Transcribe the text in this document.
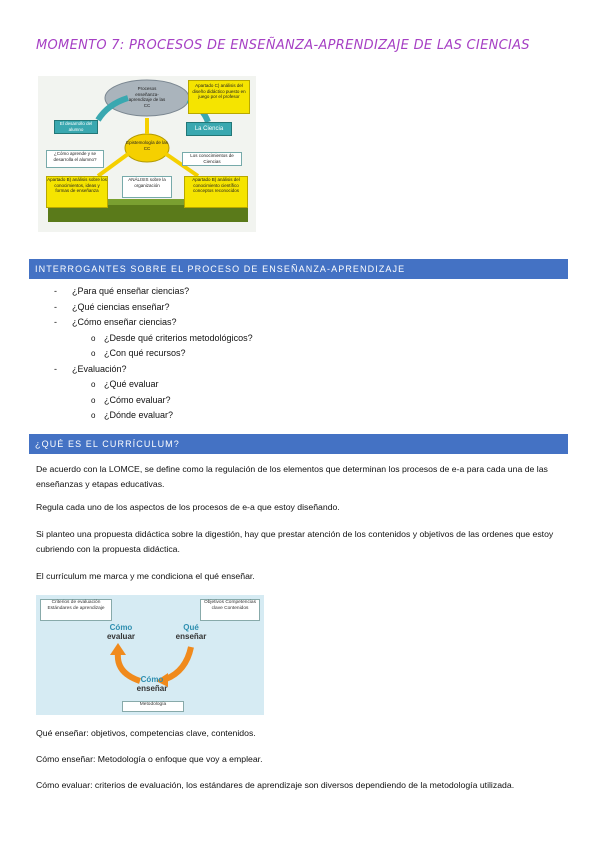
MOMENTO 7: PROCESOS DE ENSEÑANZA-APRENDIZAJE DE LAS CIENCIAS
Procesos enseñanza-aprendizaje de las CC
Apartado C) análisis del diseño didáctico puesto en juego por el profesor
El desarrollo del alumno
Epistemología de las CC
¿Cómo aprende y se desarrolla el alumno?
La Ciencia
Los conocimientos de Ciencias
Apartado B) análisis sobre los conocimientos, ideas y formas de enseñanza
ANÁLISIS sobre la organización
Apartado B) análisis del conocimiento científico conceptos reconocidos
INTERROGANTES SOBRE EL PROCESO DE ENSEÑANZA-APRENDIZAJE
- ¿Para qué enseñar ciencias?
- ¿Qué ciencias enseñar?
- ¿Cómo enseñar ciencias?
o ¿Desde qué criterios metodológicos?
o ¿Con qué recursos?
- ¿Evaluación?
o ¿Qué evaluar
o ¿Cómo evaluar?
o ¿Dónde evaluar?
¿QUÉ ES EL CURRÍCULUM?
De acuerdo con la LOMCE, se define como la regulación de los elementos que determinan los procesos de e-a para cada una de las enseñanzas y etapas educativas.
Regula cada uno de los aspectos de los procesos de e-a que estoy diseñando.
Si planteo una propuesta didáctica sobre la digestión, hay que prestar atención de los contenidos y objetivos de las ordenes que estoy cubriendo con la propuesta didáctica.
El currículum me marca y me condiciona el qué enseñar.
Criterios de evaluación Estándares de aprendizaje
Objetivos Competencias clave Contenidos
Cómo
evaluar
Qué
enseñar
Cómo
enseñar
Metodología
Qué enseñar: objetivos, competencias clave, contenidos.
Cómo enseñar: Metodología o enfoque que voy a emplear.
Cómo evaluar: criterios de evaluación, los estándares de aprendizaje son diversos dependiendo de la metodología utilizada.
